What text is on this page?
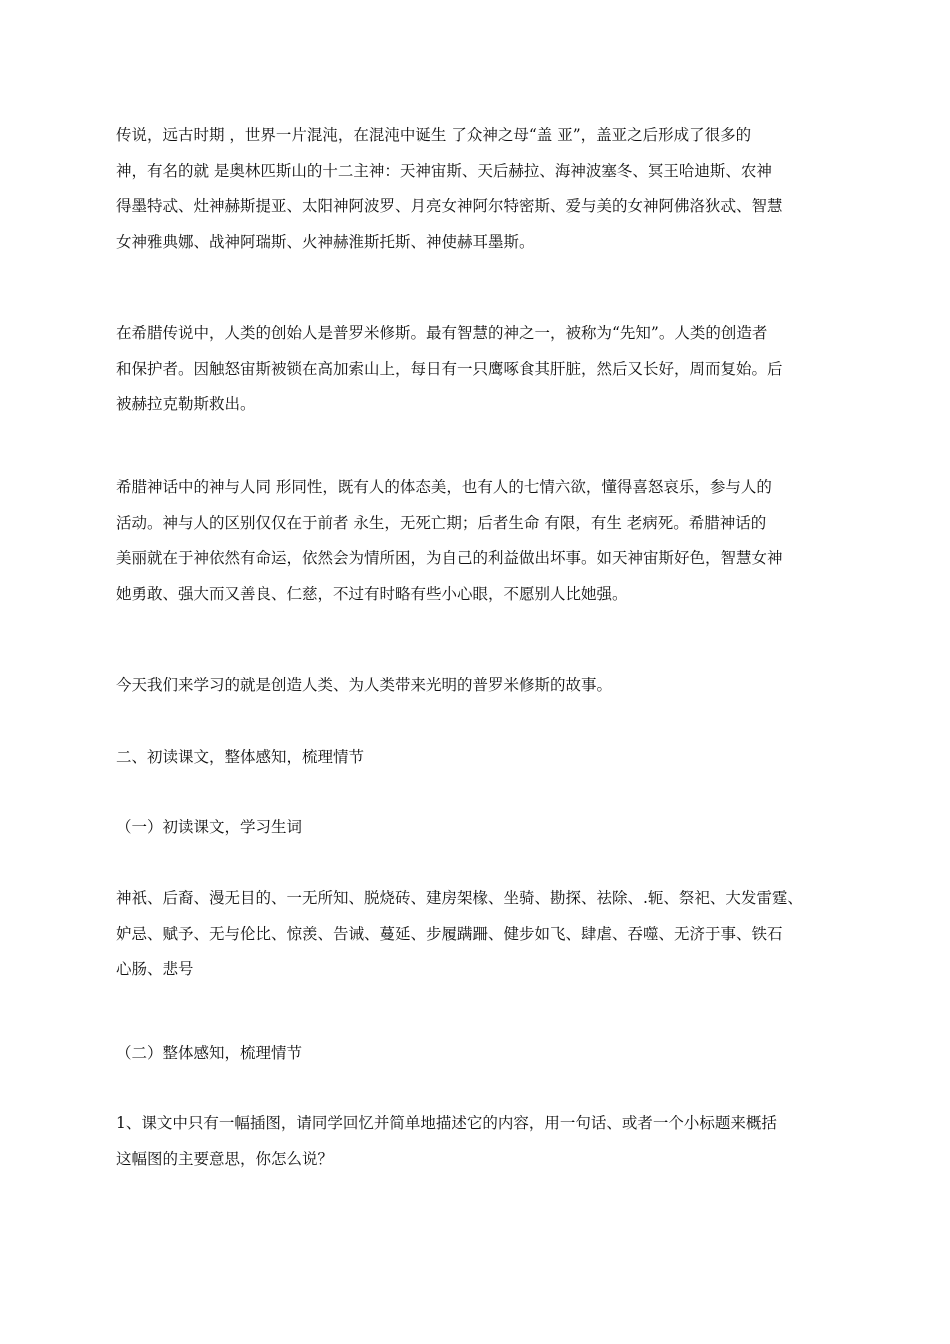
传说，远古时期 ，世界一片混沌，在混沌中诞生 了众神之母“盖 亚”，盖亚之后形成了很多的
神，有名的就 是奥林匹斯山的十二主神：天神宙斯、天后赫拉、海神波塞冬、冥王哈迪斯、农神
得墨特忒、灶神赫斯提亚、太阳神阿波罗、月亮女神阿尔特密斯、爱与美的女神阿佛洛狄忒、智慧
女神雅典娜、战神阿瑞斯、火神赫淮斯托斯、神使赫耳墨斯。
在希腊传说中，人类的创始人是普罗米修斯。最有智慧的神之一，被称为“先知”。人类的创造者
和保护者。因触怒宙斯被锁在高加索山上，每日有一只鹰啄食其肝脏，然后又长好，周而复始。后
被赫拉克勒斯救出。
希腊神话中的神与人同 形同性，既有人的体态美，也有人的七情六欲，懂得喜怒哀乐，参与人的
活动。神与人的区别仅仅在于前者 永生，无死亡期；后者生命 有限，有生 老病死。希腊神话的
美丽就在于神依然有命运，依然会为情所困，为自己的利益做出坏事。如天神宙斯好色，智慧女神
她勇敢、强大而又善良、仁慈，不过有时略有些小心眼，不愿别人比她强。
今天我们来学习的就是创造人类、为人类带来光明的普罗米修斯的故事。
二、初读课文，整体感知，梳理情节
（一）初读课文，学习生词
神祇、后裔、漫无目的、一无所知、脱烧砖、建房架椽、坐骑、勘探、祛除、.轭、祭祀、大发雷霆、
妒忌、赋予、无与伦比、惊羡、告诫、蔓延、步履蹒跚、健步如飞、肆虐、吞噬、无济于事、铁石
心肠、悲号
（二）整体感知，梳理情节
1、课文中只有一幅插图，请同学回忆并简单地描述它的内容，用一句话、或者一个小标题来概括
这幅图的主要意思，你怎么说？
